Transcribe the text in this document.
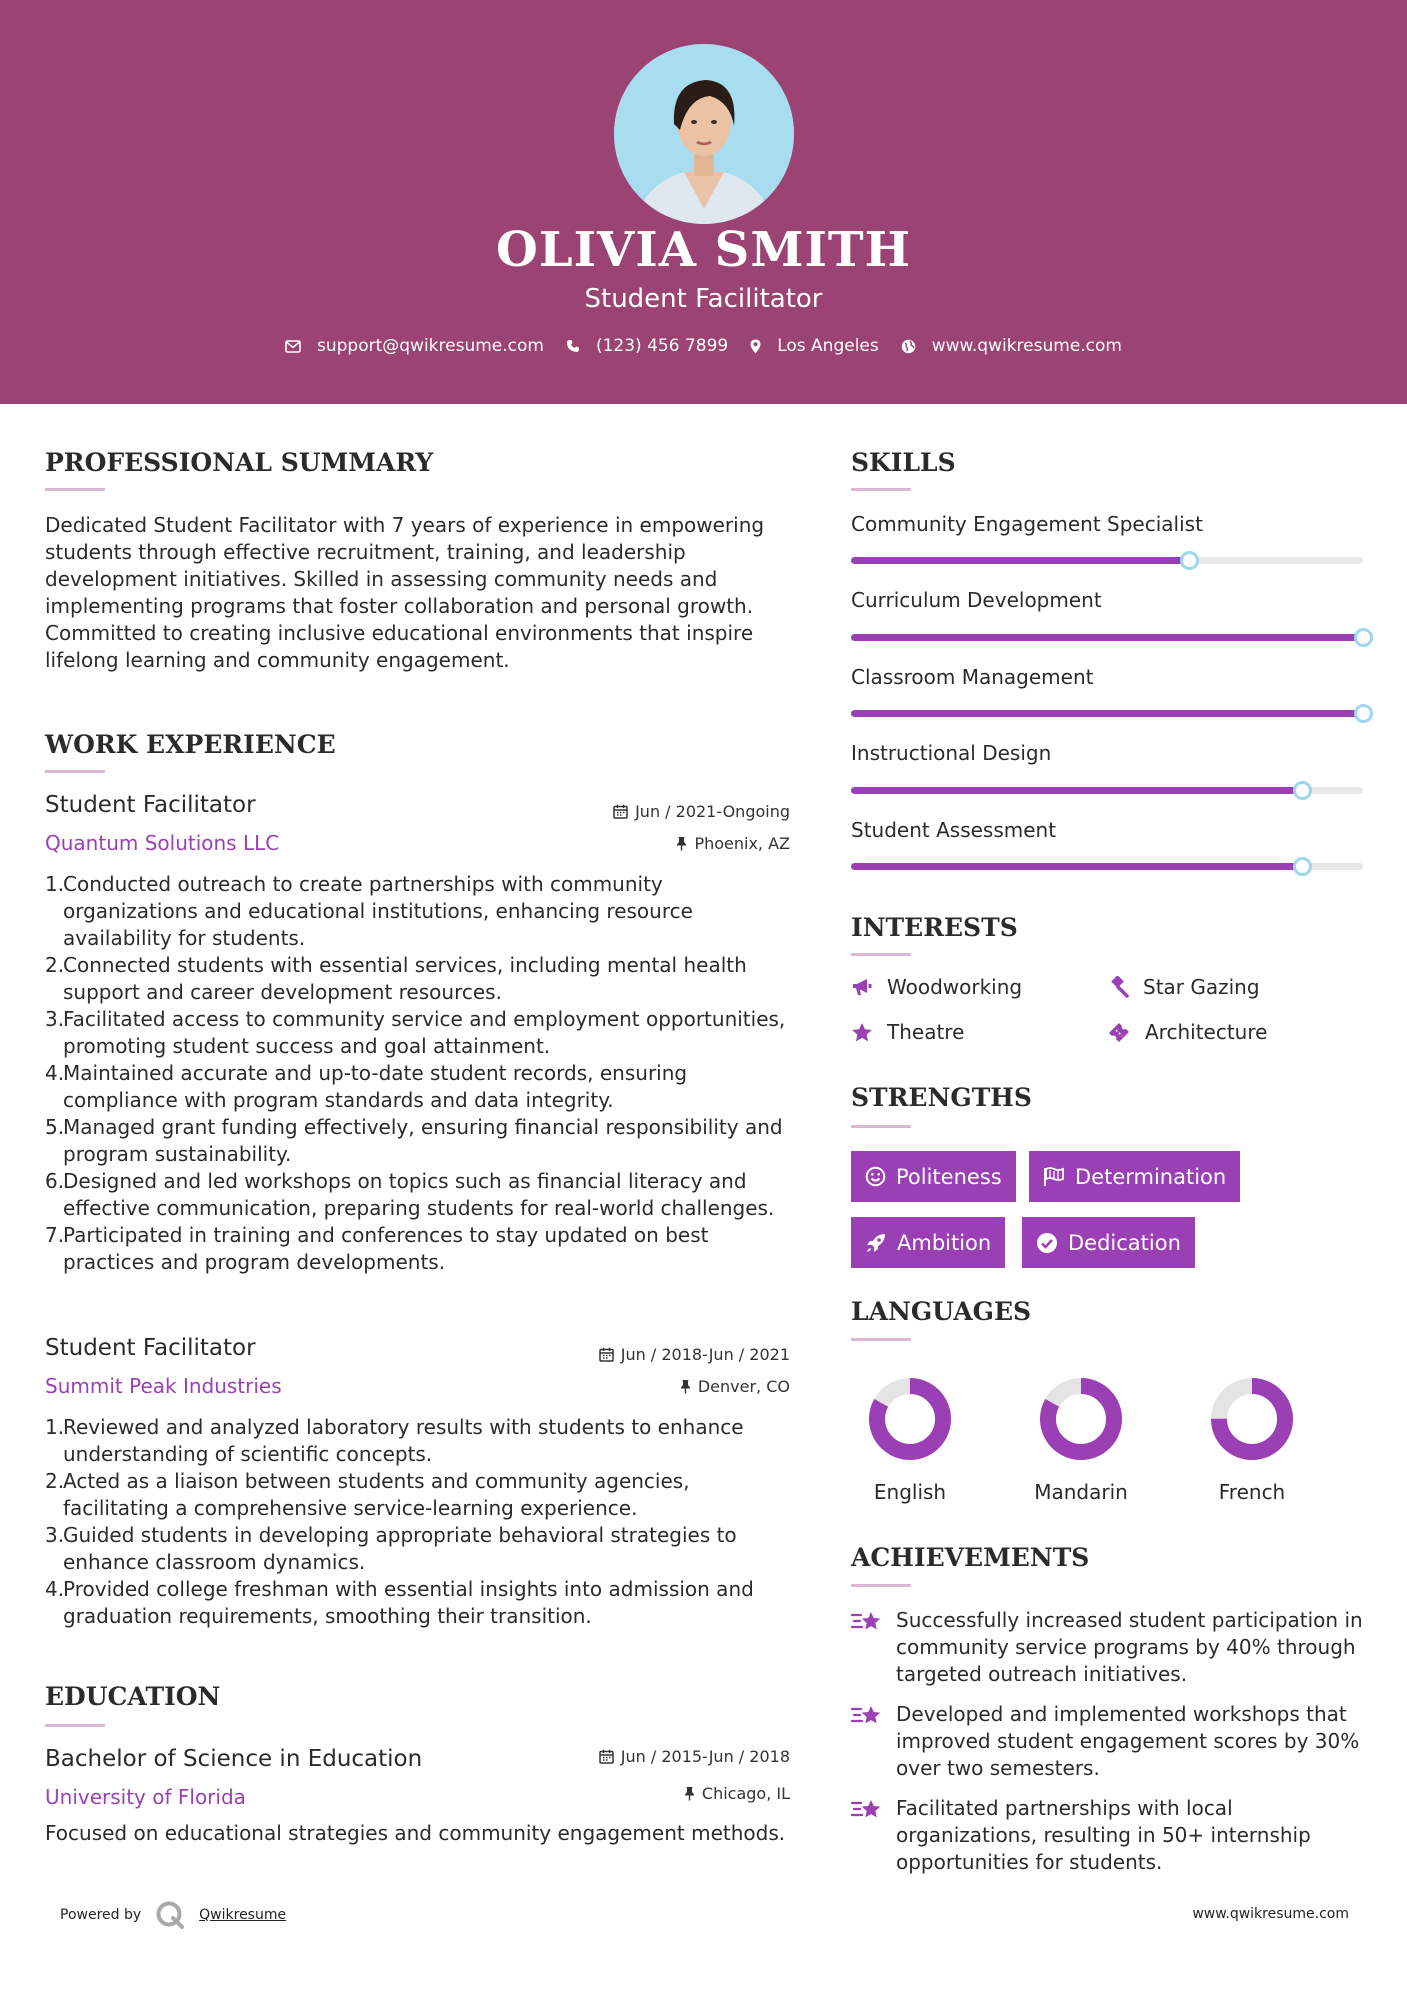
OLIVIA SMITH
Student Facilitator
support@qwikresume.com	(123) 456 7899	Los Angeles	www.qwikresume.com
PROFESSIONAL SUMMARY
Dedicated Student Facilitator with 7 years of experience in empowering students through effective recruitment, training, and leadership development initiatives. Skilled in assessing community needs and implementing programs that foster collaboration and personal growth. Committed to creating inclusive educational environments that inspire lifelong learning and community engagement.
WORK EXPERIENCE
Student Facilitator	Jun / 2021-Ongoing
Quantum Solutions LLC	Phoenix, AZ
1.
Conducted outreach to create partnerships with community organizations and educational institutions, enhancing resource availability for students.
2.
Connected students with essential services, including mental health support and career development resources.
3.
Facilitated access to community service and employment opportunities, promoting student success and goal attainment.
4.
Maintained accurate and up-to-date student records, ensuring compliance with program standards and data integrity.
5.
Managed grant funding effectively, ensuring financial responsibility and program sustainability.
6.
Designed and led workshops on topics such as financial literacy and effective communication, preparing students for real-world challenges.
7.
Participated in training and conferences to stay updated on best practices and program developments.
Student Facilitator	Jun / 2018-Jun / 2021
Summit Peak Industries	Denver, CO
1.
Reviewed and analyzed laboratory results with students to enhance understanding of scientific concepts.
2.
Acted as a liaison between students and community agencies, facilitating a comprehensive service-learning experience.
3.
Guided students in developing appropriate behavioral strategies to enhance classroom dynamics.
4.
Provided college freshman with essential insights into admission and graduation requirements, smoothing their transition.
EDUCATION
Bachelor of Science in Education	Jun / 2015-Jun / 2018
University of Florida	Chicago, IL
Focused on educational strategies and community engagement methods.
SKILLS
Community Engagement Specialist
Curriculum Development
Classroom Management
Instructional Design
Student Assessment
INTERESTS
Woodworking	Star Gazing
Theatre	Architecture
STRENGTHS
Politeness	Determination
Ambition	Dedication
LANGUAGES
English	Mandarin	French
ACHIEVEMENTS
Successfully increased student participation in community service programs by 40% through targeted outreach initiatives.
Developed and implemented workshops that improved student engagement scores by 30% over two semesters.
Facilitated partnerships with local organizations, resulting in 50+ internship opportunities for students.
Powered by	Qwikresume	www.qwikresume.com
